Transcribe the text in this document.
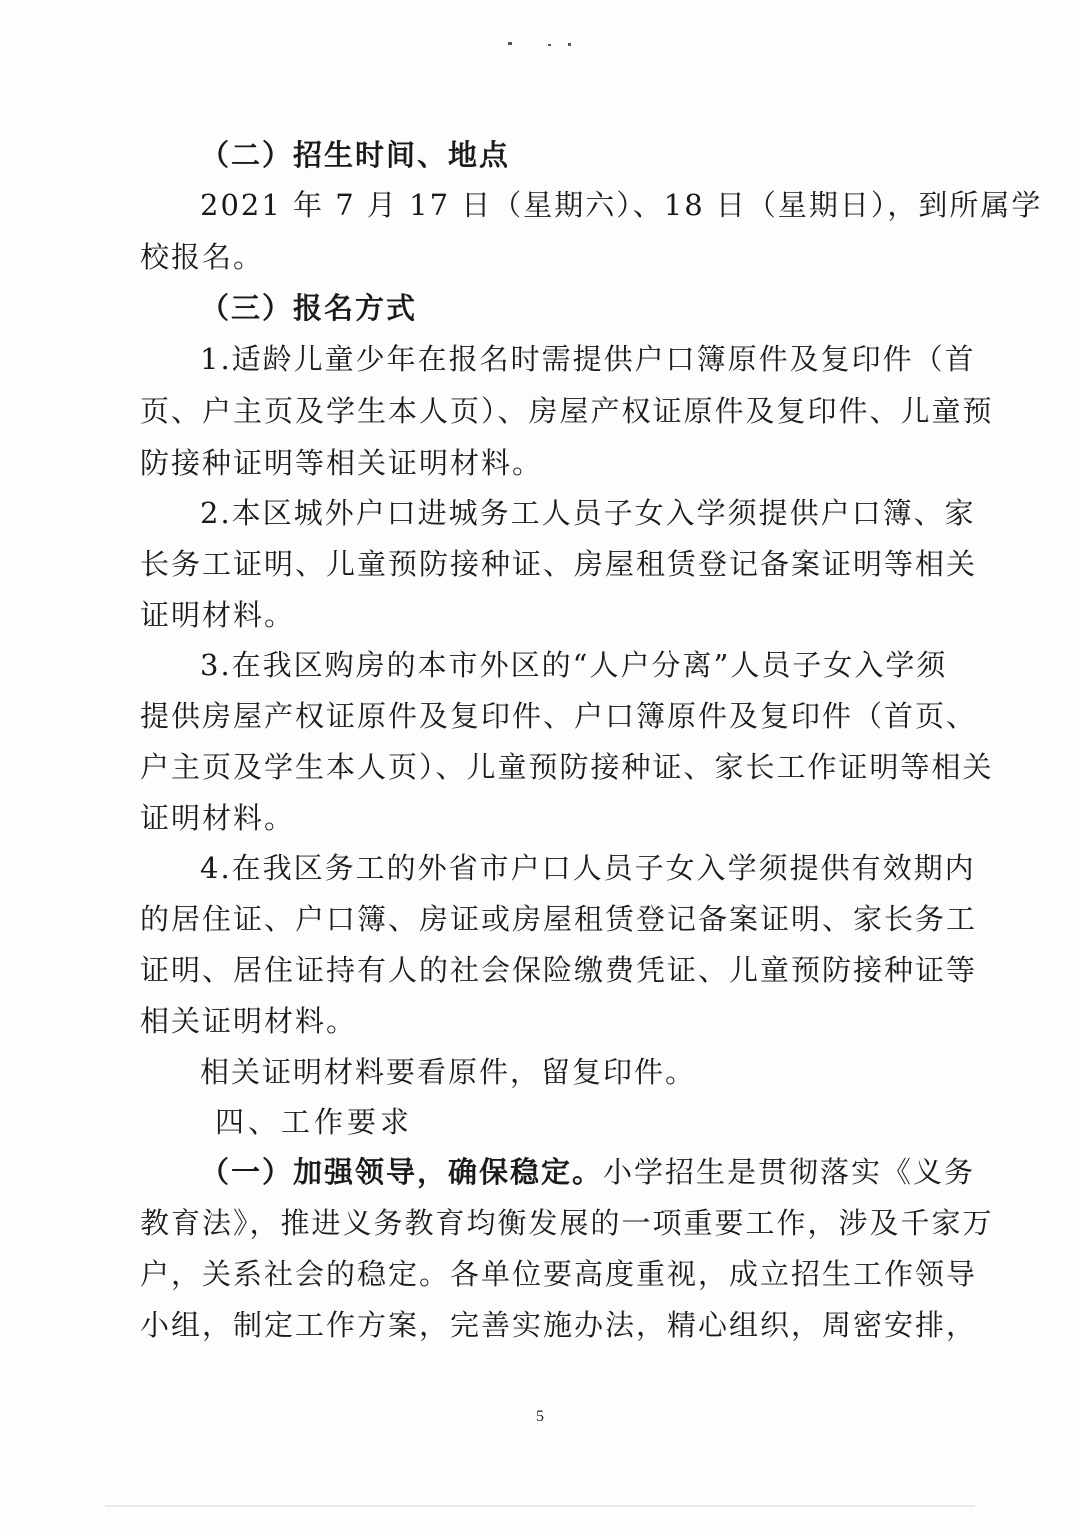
（二）招生时间、地点
2021 年 7 月 17 日（星期六）、18 日（星期日），到所属学
校报名。
（三）报名方式
1.适龄儿童少年在报名时需提供户口簿原件及复印件（首
页、户主页及学生本人页）、房屋产权证原件及复印件、儿童预
防接种证明等相关证明材料。
2.本区城外户口进城务工人员子女入学须提供户口簿、家
长务工证明、儿童预防接种证、房屋租赁登记备案证明等相关
证明材料。
3.在我区购房的本市外区的“人户分离”人员子女入学须
提供房屋产权证原件及复印件、户口簿原件及复印件（首页、
户主页及学生本人页）、儿童预防接种证、家长工作证明等相关
证明材料。
4.在我区务工的外省市户口人员子女入学须提供有效期内
的居住证、户口簿、房证或房屋租赁登记备案证明、家长务工
证明、居住证持有人的社会保险缴费凭证、儿童预防接种证等
相关证明材料。
相关证明材料要看原件，留复印件。
四、工作要求
（一）加强领导，确保稳定。小学招生是贯彻落实《义务
教育法》，推进义务教育均衡发展的一项重要工作，涉及千家万
户，关系社会的稳定。各单位要高度重视，成立招生工作领导
小组，制定工作方案，完善实施办法，精心组织，周密安排，
5
